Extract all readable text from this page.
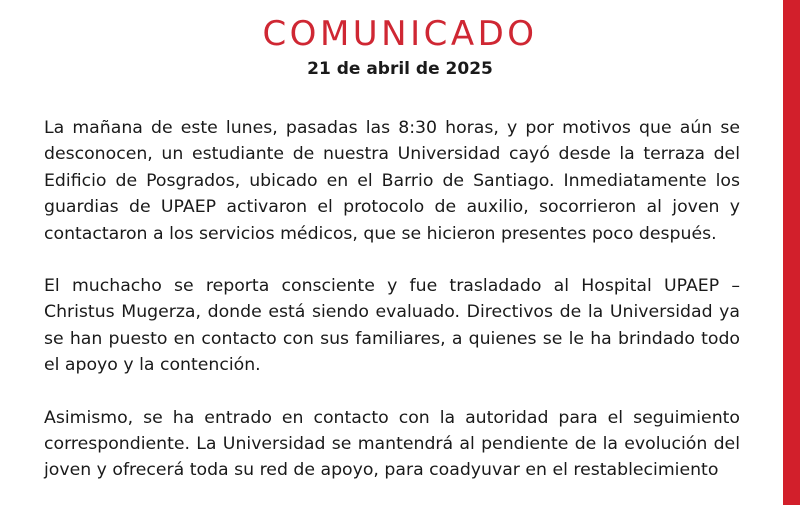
COMUNICADO
21 de abril de 2025

La mañana de este lunes, pasadas las 8:30 horas, y por motivos que aún se desconocen, un estudiante de nuestra Universidad cayó desde la terraza del Edificio de Posgrados, ubicado en el Barrio de Santiago. Inmediatamente los guardias de UPAEP activaron el protocolo de auxilio, socorrieron al joven y contactaron a los servicios médicos, que se hicieron presentes poco después.

El muchacho se reporta consciente y fue trasladado al Hospital UPAEP – Christus Mugerza, donde está siendo evaluado. Directivos de la Universidad ya se han puesto en contacto con sus familiares, a quienes se le ha brindado todo el apoyo y la contención.

Asimismo, se ha entrado en contacto con la autoridad para el seguimiento correspondiente. La Universidad se mantendrá al pendiente de la evolución del joven y ofrecerá toda su red de apoyo, para coadyuvar en el restablecimiento
